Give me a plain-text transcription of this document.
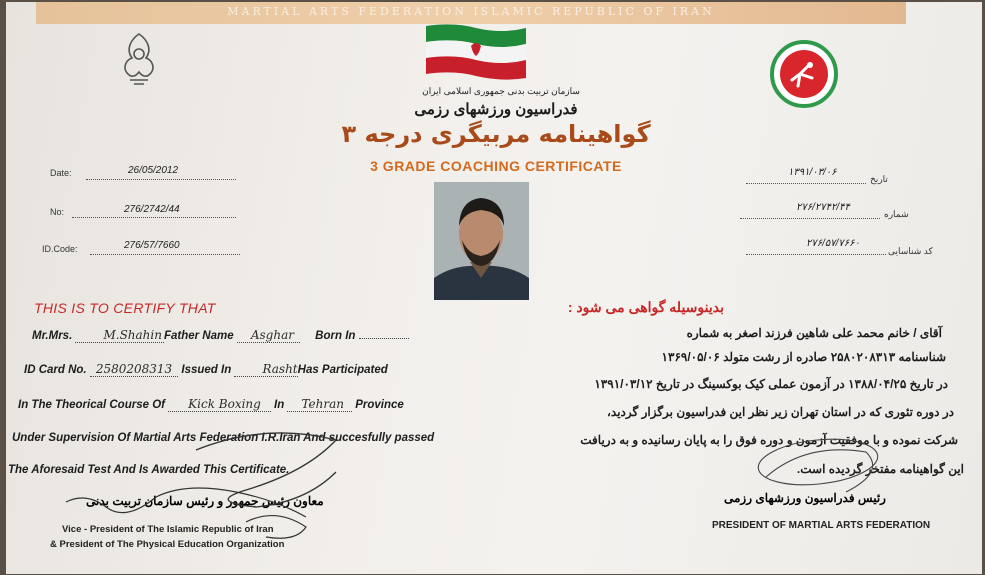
MARTIAL ARTS FEDERATION ISLAMIC REPUBLIC OF IRAN
سازمان تربیت بدنی جمهوری اسلامی ایران
فدراسیون ورزشهای رزمی
گواهینامه مربیگری درجه ۳
3 GRADE COACHING CERTIFICATE
Date:	26/05/2012
No:	276/2742/44
ID.Code:	276/57/7660
۱۳۹۱/۰۳/۰۶
تاریخ
۲۷۶/۲۷۴۲/۴۴
شماره
۲۷۶/۵۷/۷۶۶۰
کد شناسایی
THIS IS TO CERTIFY THAT
Mr.Mrs.	M.Shahin Father Name Asghar Born In
ID Card No. 2580208313 Issued In	RashtHas Participated
In The Theorical Course Of Kick Boxing In Tehran Province
Under Supervision Of Martial Arts Federation I.R.Iran And succesfully passed
The Aforesaid Test And Is Awarded This Certificate.
بدینوسیله گواهی می شود :
آقای / خانم محمد علی شاهین فرزند اصغر به شماره
شناسنامه ۲۵۸۰۲۰۸۳۱۳ صادره از رشت متولد ۱۳۶۹/۰۵/۰۶
در تاریخ ۱۳۸۸/۰۴/۲۵ در آزمون عملی کیک بوکسینگ در تاریخ ۱۳۹۱/۰۳/۱۲
در دوره تئوری که در استان تهران زیر نظر این فدراسیون برگزار گردید،
شرکت نموده و با موفقیت آزمون و دوره فوق را به پایان رسانیده و به دریافت
این گواهینامه مفتخر گردیده است.
معاون رئیس جمهور و رئیس سازمان تربیت بدنی
Vice - President of The Islamic Republic of Iran
& President of The Physical Education Organization
رئیس فدراسیون ورزشهای رزمی
PRESIDENT OF MARTIAL ARTS FEDERATION
